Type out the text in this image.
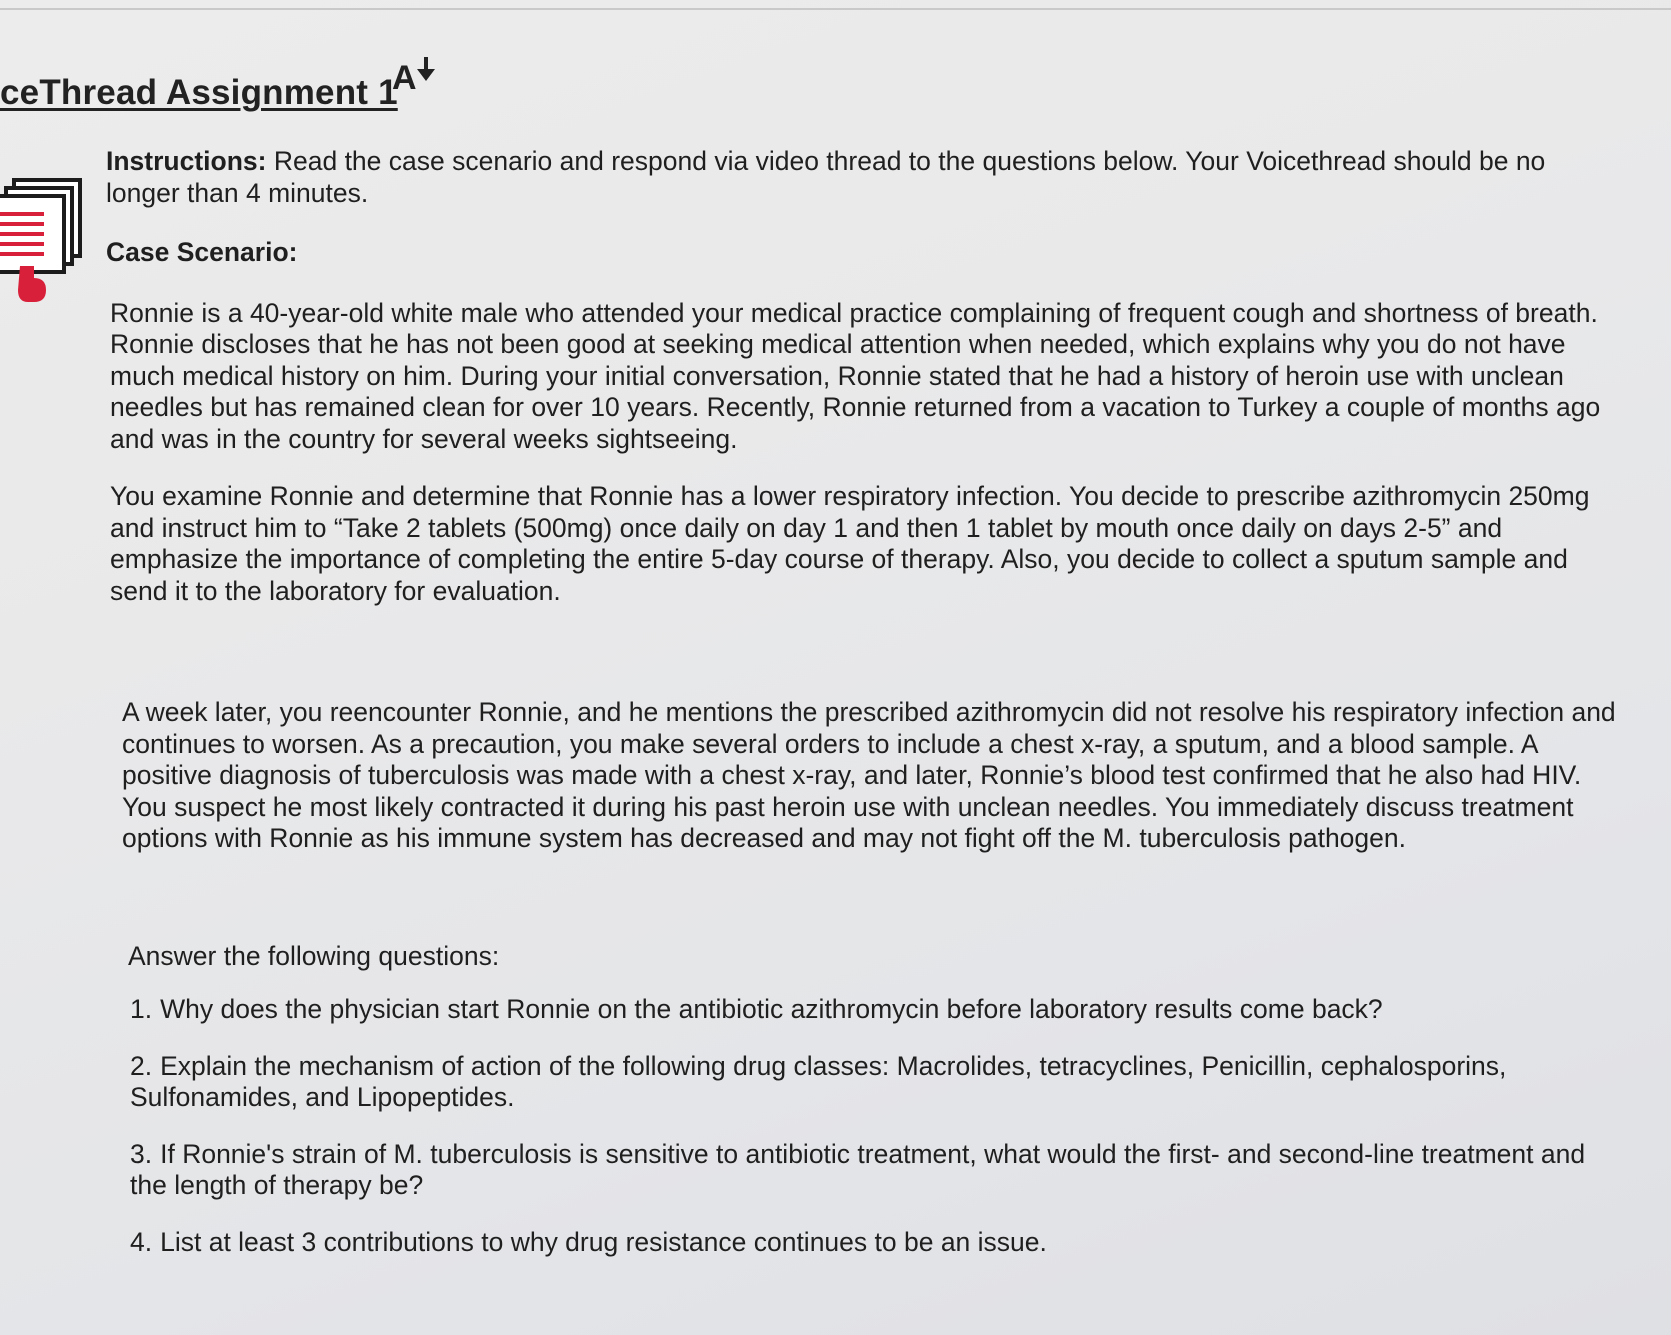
ceThread Assignment 1
A

Instructions: Read the case scenario and respond via video thread to the questions below. Your Voicethread should be no longer than 4 minutes.

Case Scenario:

Ronnie is a 40-year-old white male who attended your medical practice complaining of frequent cough and shortness of breath. Ronnie discloses that he has not been good at seeking medical attention when needed, which explains why you do not have much medical history on him. During your initial conversation, Ronnie stated that he had a history of heroin use with unclean needles but has remained clean for over 10 years. Recently, Ronnie returned from a vacation to Turkey a couple of months ago and was in the country for several weeks sightseeing.

You examine Ronnie and determine that Ronnie has a lower respiratory infection. You decide to prescribe azithromycin 250mg and instruct him to “Take 2 tablets (500mg) once daily on day 1 and then 1 tablet by mouth once daily on days 2-5” and emphasize the importance of completing the entire 5-day course of therapy. Also, you decide to collect a sputum sample and send it to the laboratory for evaluation.

A week later, you reencounter Ronnie, and he mentions the prescribed azithromycin did not resolve his respiratory infection and continues to worsen. As a precaution, you make several orders to include a chest x-ray, a sputum, and a blood sample. A positive diagnosis of tuberculosis was made with a chest x-ray, and later, Ronnie’s blood test confirmed that he also had HIV. You suspect he most likely contracted it during his past heroin use with unclean needles. You immediately discuss treatment options with Ronnie as his immune system has decreased and may not fight off the M. tuberculosis pathogen.

Answer the following questions:

1. Why does the physician start Ronnie on the antibiotic azithromycin before laboratory results come back?
2. Explain the mechanism of action of the following drug classes: Macrolides, tetracyclines, Penicillin, cephalosporins, Sulfonamides, and Lipopeptides.
3. If Ronnie's strain of M. tuberculosis is sensitive to antibiotic treatment, what would the first- and second-line treatment and the length of therapy be?
4. List at least 3 contributions to why drug resistance continues to be an issue.
